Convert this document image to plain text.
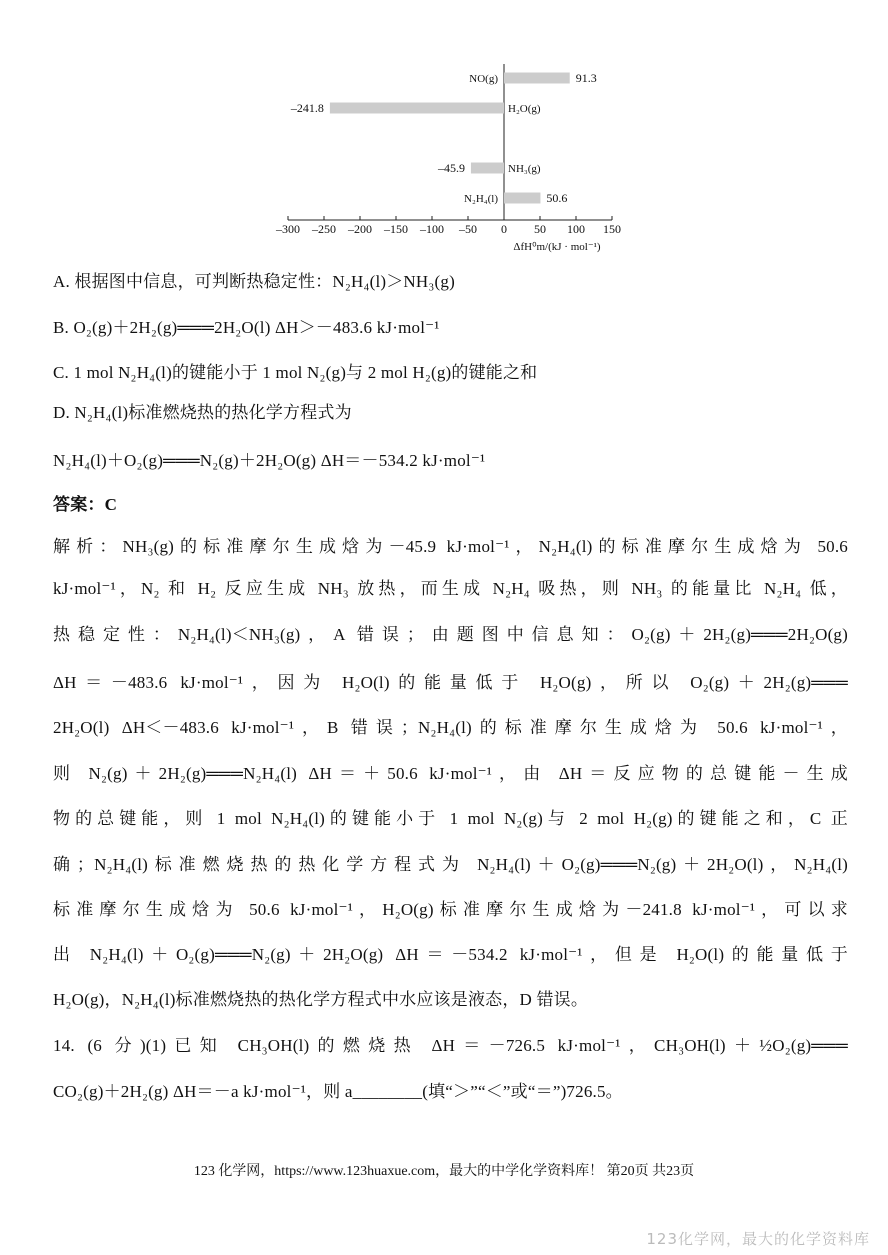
–300 –250 –200 –150 –100 –50 0 50 100 150
ΔfH⁰m/(kJ · mol⁻¹)
NO(g)	91.3
H₂O(g)
–241.8
NH₃(g)
–45.9
N₂H₄(l)	50.6
A. 根据图中信息，可判断热稳定性：N₂H₄(l)＞NH₃(g)
B. O₂(g)＋2H₂(g)═══2H₂O(l) ΔH＞－483.6 kJ·mol⁻¹
C. 1 mol N₂H₄(l)的键能小于 1 mol N₂(g)与 2 mol H₂(g)的键能之和
D. N₂H₄(l)标准燃烧热的热化学方程式为
N₂H₄(l)＋O₂(g)═══N₂(g)＋2H₂O(g) ΔH＝－534.2 kJ·mol⁻¹
答案：C
解析：NH₃(g)的标准摩尔生成焓为－45.9 kJ·mol⁻¹，N₂H₄(l)的标准摩尔生成焓为 50.6
kJ·mol⁻¹，N₂ 和 H₂ 反应生成 NH₃ 放热，而生成 N₂H₄ 吸热，则 NH₃ 的能量比 N₂H₄ 低，
热稳定性：N₂H₄(l)＜NH₃(g)，A 错误；由题图中信息知：O₂(g)＋2H₂(g)═══2H₂O(g)
ΔH＝－483.6 kJ·mol⁻¹，因为 H₂O(l)的能量低于 H₂O(g)，所以 O₂(g)＋2H₂(g)═══
2H₂O(l) ΔH＜－483.6 kJ·mol⁻¹，B 错误；N₂H₄(l)的标准摩尔生成焓为 50.6 kJ·mol⁻¹，
则 N₂(g)＋2H₂(g)═══N₂H₄(l) ΔH＝＋50.6 kJ·mol⁻¹，由 ΔH＝反应物的总键能－生成
物的总键能，则 1 mol N₂H₄(l)的键能小于 1 mol N₂(g)与 2 mol H₂(g)的键能之和，C 正
确；N₂H₄(l)标准燃烧热的热化学方程式为 N₂H₄(l)＋O₂(g)═══N₂(g)＋2H₂O(l)，N₂H₄(l)
标准摩尔生成焓为 50.6 kJ·mol⁻¹，H₂O(g)标准摩尔生成焓为－241.8 kJ·mol⁻¹，可以求
出 N₂H₄(l)＋O₂(g)═══N₂(g)＋2H₂O(g) ΔH＝－534.2 kJ·mol⁻¹，但是 H₂O(l)的能量低于
H₂O(g)，N₂H₄(l)标准燃烧热的热化学方程式中水应该是液态，D 错误。
14. (6 分)(1)已知 CH₃OH(l)的燃烧热 ΔH＝－726.5 kJ·mol⁻¹，CH₃OH(l)＋½O₂(g)═══
CO₂(g)＋2H₂(g) ΔH＝－a kJ·mol⁻¹，则 a________(填“＞”“＜”或“＝”)726.5。
123 化学网，https://www.123huaxue.com，最大的中学化学资料库！ 第20页 共23页
123化学网，最大的化学资料库
